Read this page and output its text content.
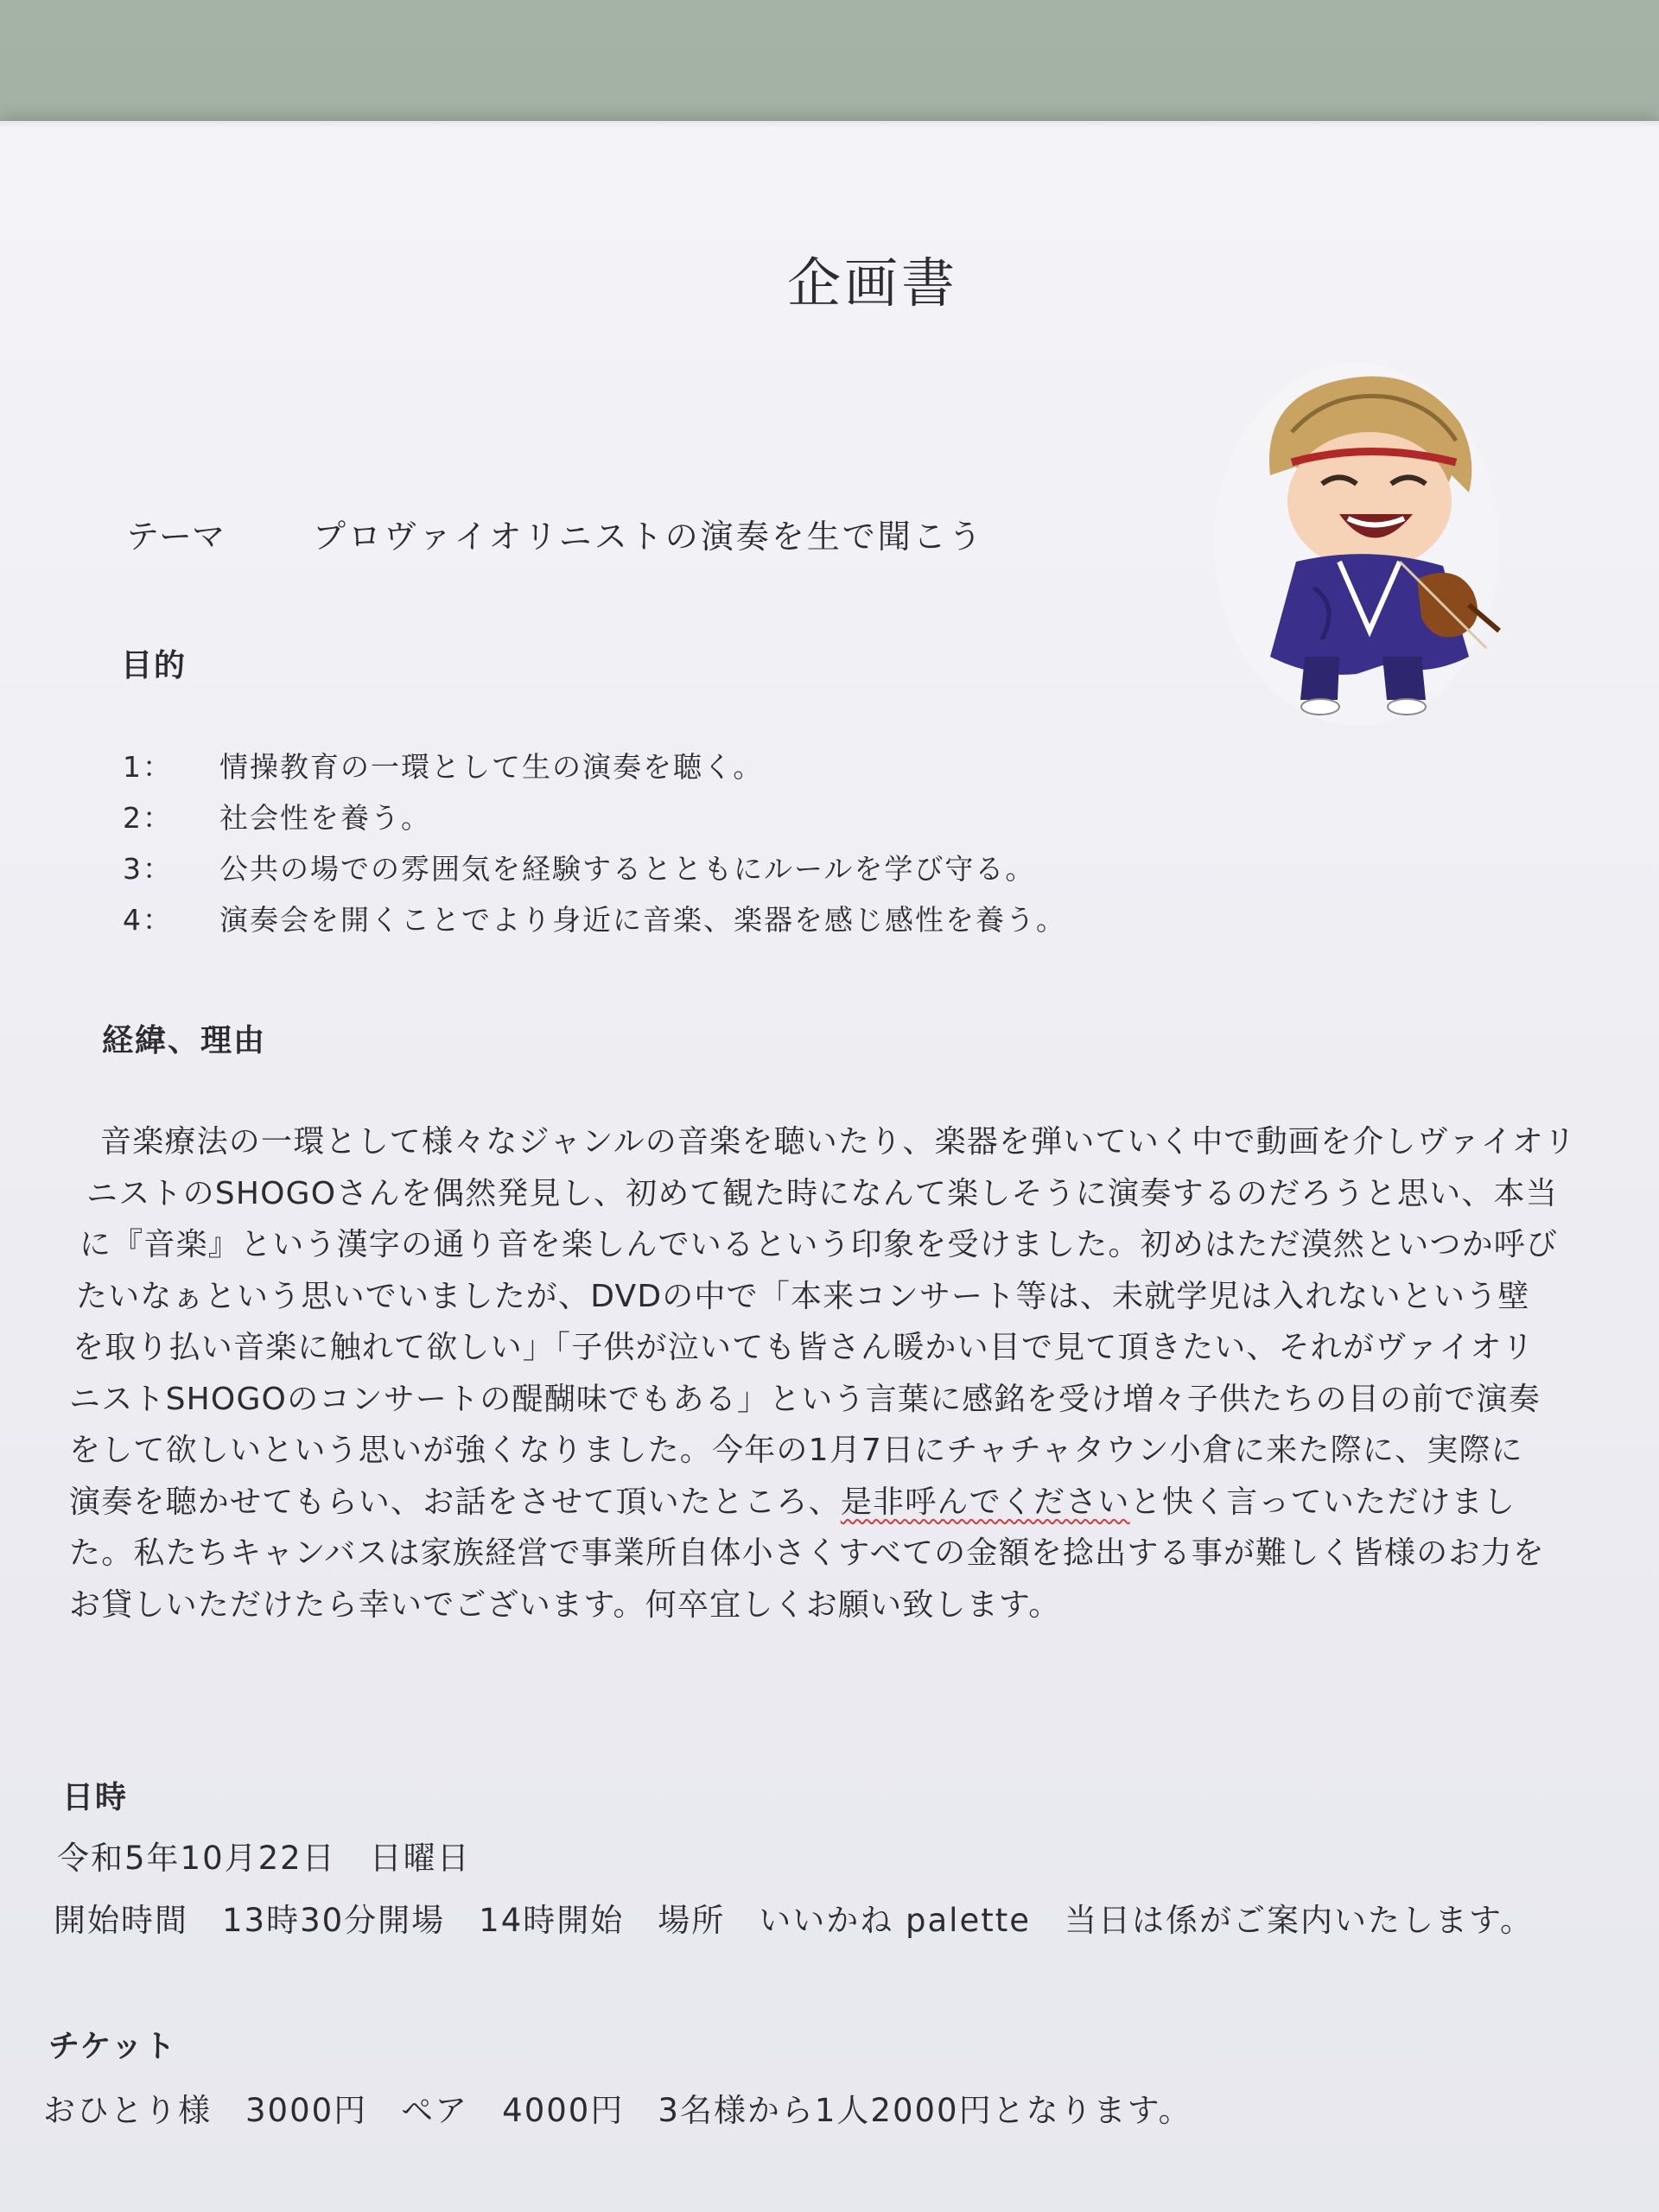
企画書
テーマ	プロヴァイオリニストの演奏を生で聞こう
目的
1： 情操教育の一環として生の演奏を聴く。
2： 社会性を養う。
3： 公共の場での雰囲気を経験するとともにルールを学び守る。
4： 演奏会を開くことでより身近に音楽、楽器を感じ感性を養う。
経緯、理由
音楽療法の一環として様々なジャンルの音楽を聴いたり、楽器を弾いていく中で動画を介しヴァイオリ
ニストのSHOGOさんを偶然発見し、初めて観た時になんて楽しそうに演奏するのだろうと思い、本当
に『音楽』という漢字の通り音を楽しんでいるという印象を受けました。初めはただ漠然といつか呼び
たいなぁという思いでいましたが、DVDの中で「本来コンサート等は、未就学児は入れないという壁
を取り払い音楽に触れて欲しい」「子供が泣いても皆さん暖かい目で見て頂きたい、それがヴァイオリ
ニストSHOGOのコンサートの醍醐味でもある」という言葉に感銘を受け増々子供たちの目の前で演奏
をして欲しいという思いが強くなりました。今年の1月7日にチャチャタウン小倉に来た際に、実際に
演奏を聴かせてもらい、お話をさせて頂いたところ、是非呼んでくださいと快く言っていただけまし
た。私たちキャンバスは家族経営で事業所自体小さくすべての金額を捻出する事が難しく皆様のお力を
お貸しいただけたら幸いでございます。何卒宜しくお願い致します。
日時
令和5年10月22日　日曜日
開始時間　13時30分開場　14時開始　場所　いいかね palette　当日は係がご案内いたします。
チケット
おひとり様　3000円　ペア　4000円　3名様から1人2000円となります。
